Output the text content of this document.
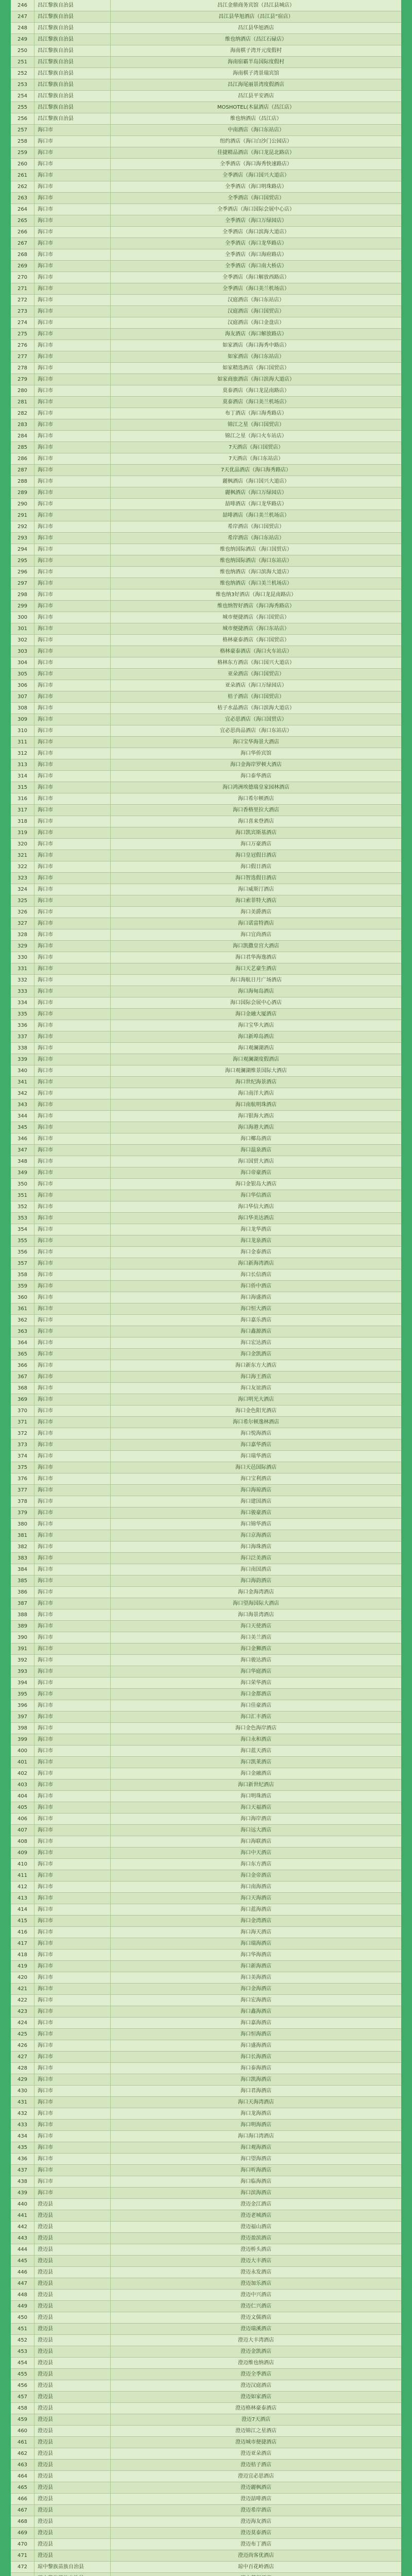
246	昌江黎族自治县	昌江金鼎商务宾馆（昌江县城店）
247	昌江黎族自治县	昌江县华旭酒店（昌江县”宿店）
248	昌江黎族自治县	昌江县华旭酒店
249	昌江黎族自治县	维也纳酒店（昌江石碌店）
250	昌江黎族自治县	海南棋子湾开元度假村
251	昌江黎族自治县	海南宿霸半岛国际度假村
252	昌江黎族自治县	海南棋子湾景瑞宾馆
253	昌江黎族自治县	昌江海尾丽景湾度假酒店
254	昌江黎族自治县	昌江县平安酒店
255	昌江黎族自治县	MOSHOTEL(木鼠酒店（昌江店）
256	昌江黎族自治县	维也纳酒店（昌江店）
257	海口市	中南酒店（海口东站店）
258	海口市	纽约酒店（海口白沙门公园店）
259	海口市	佳捷精品酒店（海口龙昆北路店）
260	海口市	全季酒店（海口海秀快速路店）
261	海口市	全季酒店（海口国兴大道店）
262	海口市	全季酒店（海口明珠路店）
263	海口市	全季酒店（海口国贸店）
264	海口市	全季酒店（海口国际会展中心店）
265	海口市	全季酒店（海口万绿园店）
266	海口市	全季酒店（海口滨海大道店）
267	海口市	全季酒店（海口龙华路店）
268	海口市	全季酒店（海口海府路店）
269	海口市	全季酒店（海口南大桥店）
270	海口市	全季酒店（海口解放西路店）
271	海口市	全季酒店（海口美兰机场店）
272	海口市	汉庭酒店（海口东站店）
273	海口市	汉庭酒店（海口国贸店）
274	海口市	汉庭酒店（海口金盘店）
275	海口市	海友酒店（海口解放路店）
276	海口市	如家酒店（海口海秀中路店）
277	海口市	如家酒店（海口东站店）
278	海口市	如家精选酒店（海口国贸店）
279	海口市	如家商旅酒店（海口滨海大道店）
280	海口市	莫泰酒店（海口龙昆南路店）
281	海口市	莫泰酒店（海口美兰机场店）
282	海口市	布丁酒店（海口海秀路店）
283	海口市	锦江之星（海口国贸店）
284	海口市	锦江之星（海口火车站店）
285	海口市	7天酒店（海口国贸店）
286	海口市	7天酒店（海口东站店）
287	海口市	7天优品酒店（海口海秀路店）
288	海口市	麗枫酒店（海口国兴大道店）
289	海口市	麗枫酒店（海口万绿园店）
290	海口市	喆啡酒店（海口龙华路店）
291	海口市	喆啡酒店（海口美兰机场店）
292	海口市	希岸酒店（海口国贸店）
293	海口市	希岸酒店（海口东站店）
294	海口市	维也纳国际酒店（海口国贸店）
295	海口市	维也纳国际酒店（海口东站店）
296	海口市	维也纳酒店（海口滨海大道店）
297	海口市	维也纳酒店（海口美兰机场店）
298	海口市	维也纳3好酒店（海口龙昆南路店）
299	海口市	维也纳智好酒店（海口海秀路店）
300	海口市	城市便捷酒店（海口国贸店）
301	海口市	城市便捷酒店（海口东站店）
302	海口市	格林豪泰酒店（海口国贸店）
303	海口市	格林豪泰酒店（海口火车站店）
304	海口市	格林东方酒店（海口国兴大道店）
305	海口市	亚朵酒店（海口国贸店）
306	海口市	亚朵酒店（海口万绿园店）
307	海口市	桔子酒店（海口国贸店）
308	海口市	桔子水晶酒店（海口滨海大道店）
309	海口市	宜必思酒店（海口国贸店）
310	海口市	宜必思尚品酒店（海口东站店）
311	海口市	海口宝华海景大酒店
312	海口市	海口华侨宾馆
313	海口市	海口金海岸罗顿大酒店
314	海口市	海口泰华酒店
315	海口市	海口鸿洲埃德瑞皇家园林酒店
316	海口市	海口希尔顿酒店
317	海口市	海口香格里拉大酒店
318	海口市	海口喜来登酒店
319	海口市	海口凯宾斯基酒店
320	海口市	海口万豪酒店
321	海口市	海口皇冠假日酒店
322	海口市	海口假日酒店
323	海口市	海口智选假日酒店
324	海口市	海口威斯汀酒店
325	海口市	海口索菲特大酒店
326	海口市	海口美爵酒店
327	海口市	海口诺富特酒店
328	海口市	海口宜尚酒店
329	海口市	海口凯撒皇宫大酒店
330	海口市	海口君华海逸酒店
331	海口市	海口天艺豪生酒店
332	海口市	海口海航日月广场酒店
333	海口市	海口海甸岛酒店
334	海口市	海口国际会展中心酒店
335	海口市	海口金融大厦酒店
336	海口市	海口宝华大酒店
337	海口市	海口新埠岛酒店
338	海口市	海口观澜湖酒店
339	海口市	海口观澜湖度假酒店
340	海口市	海口观澜湖维景国际大酒店
341	海口市	海口世纪海景酒店
342	海口市	海口南洋大酒店
343	海口市	海口南航明珠酒店
344	海口市	海口银海大酒店
345	海口市	海口海港大酒店
346	海口市	海口椰岛酒店
347	海口市	海口温泉酒店
348	海口市	海口国贸大酒店
349	海口市	海口帝豪酒店
350	海口市	海口金银岛大酒店
351	海口市	海口华信酒店
352	海口市	海口华信大酒店
353	海口市	海口华美达酒店
354	海口市	海口龙华酒店
355	海口市	海口龙泉酒店
356	海口市	海口金泰酒店
357	海口市	海口新海湾酒店
358	海口市	海口长信酒店
359	海口市	海口侨中酒店
360	海口市	海口海盛酒店
361	海口市	海口恒大酒店
362	海口市	海口嘉乐酒店
363	海口市	海口鑫源酒店
364	海口市	海口宏达酒店
365	海口市	海口金凯酒店
366	海口市	海口新东方大酒店
367	海口市	海口海王酒店
368	海口市	海口友谊酒店
369	海口市	海口明光大酒店
370	海口市	海口金色阳光酒店
371	海口市	海口希尔顿逸林酒店
372	海口市	海口悦海酒店
373	海口市	海口嘉华酒店
374	海口市	海口瑞华酒店
375	海口市	海口天邑国际酒店
376	海口市	海口宝利酒店
377	海口市	海口海琼酒店
378	海口市	海口建国酒店
379	海口市	海口骏豪酒店
380	海口市	海口锦华酒店
381	海口市	海口京海酒店
382	海口市	海口海珠酒店
383	海口市	海口泛美酒店
384	海口市	海口南国酒店
385	海口市	海口海韵酒店
386	海口市	海口金海湾酒店
387	海口市	海口望海国际大酒店
388	海口市	海口海景湾酒店
389	海口市	海口天使酒店
390	海口市	海口美兰酒店
391	海口市	海口金狮酒店
392	海口市	海口骏达酒店
393	海口市	海口华庭酒店
394	海口市	海口荣华酒店
395	海口市	海口金都酒店
396	海口市	海口佳豪酒店
397	海口市	海口汇丰酒店
398	海口市	海口金色海岸酒店
399	海口市	海口永和酒店
400	海口市	海口蓝天酒店
401	海口市	海口凯莱酒店
402	海口市	海口金融酒店
403	海口市	海口新世纪酒店
404	海口市	海口明珠酒店
405	海口市	海口天福酒店
406	海口市	海口海岸酒店
407	海口市	海口远大酒店
408	海口市	海口海联酒店
409	海口市	海口中天酒店
410	海口市	海口东方酒店
411	海口市	海口金帝酒店
412	海口市	海口南海酒店
413	海口市	海口天海酒店
414	海口市	海口蓝海酒店
415	海口市	海口金湾酒店
416	海口市	海口海天酒店
417	海口市	海口瑞海酒店
418	海口市	海口华海酒店
419	海口市	海口新海酒店
420	海口市	海口美海酒店
421	海口市	海口金海酒店
422	海口市	海口宏海酒店
423	海口市	海口鑫海酒店
424	海口市	海口嘉海酒店
425	海口市	海口恒海酒店
426	海口市	海口盛海酒店
427	海口市	海口长海酒店
428	海口市	海口泰海酒店
429	海口市	海口凯海酒店
430	海口市	海口君海酒店
431	海口市	海口天海湾酒店
432	海口市	海口龙海酒店
433	海口市	海口明海酒店
434	海口市	海口海口湾酒店
435	海口市	海口观海酒店
436	海口市	海口望海酒店
437	海口市	海口听海酒店
438	海口市	海口临海酒店
439	海口市	海口滨海酒店
440	澄迈县	澄迈金江酒店
441	澄迈县	澄迈老城酒店
442	澄迈县	澄迈福山酒店
443	澄迈县	澄迈盈滨酒店
444	澄迈县	澄迈桥头酒店
445	澄迈县	澄迈大丰酒店
446	澄迈县	澄迈永发酒店
447	澄迈县	澄迈加乐酒店
448	澄迈县	澄迈中兴酒店
449	澄迈县	澄迈仁兴酒店
450	澄迈县	澄迈文儒酒店
451	澄迈县	澄迈瑞溪酒店
452	澄迈县	澄迈大丰湾酒店
453	澄迈县	澄迈金凯酒店
454	澄迈县	澄迈维也纳酒店
455	澄迈县	澄迈全季酒店
456	澄迈县	澄迈汉庭酒店
457	澄迈县	澄迈如家酒店
458	澄迈县	澄迈格林豪泰酒店
459	澄迈县	澄迈7天酒店
460	澄迈县	澄迈锦江之星酒店
461	澄迈县	澄迈城市便捷酒店
462	澄迈县	澄迈亚朵酒店
463	澄迈县	澄迈桔子酒店
464	澄迈县	澄迈宜必思酒店
465	澄迈县	澄迈麗枫酒店
466	澄迈县	澄迈喆啡酒店
467	澄迈县	澄迈希岸酒店
468	澄迈县	澄迈海友酒店
469	澄迈县	澄迈莫泰酒店
470	澄迈县	澄迈布丁酒店
471	澄迈县	澄迈尚客优酒店
472	琼中黎族苗族自治县	琼中百花岭酒店
